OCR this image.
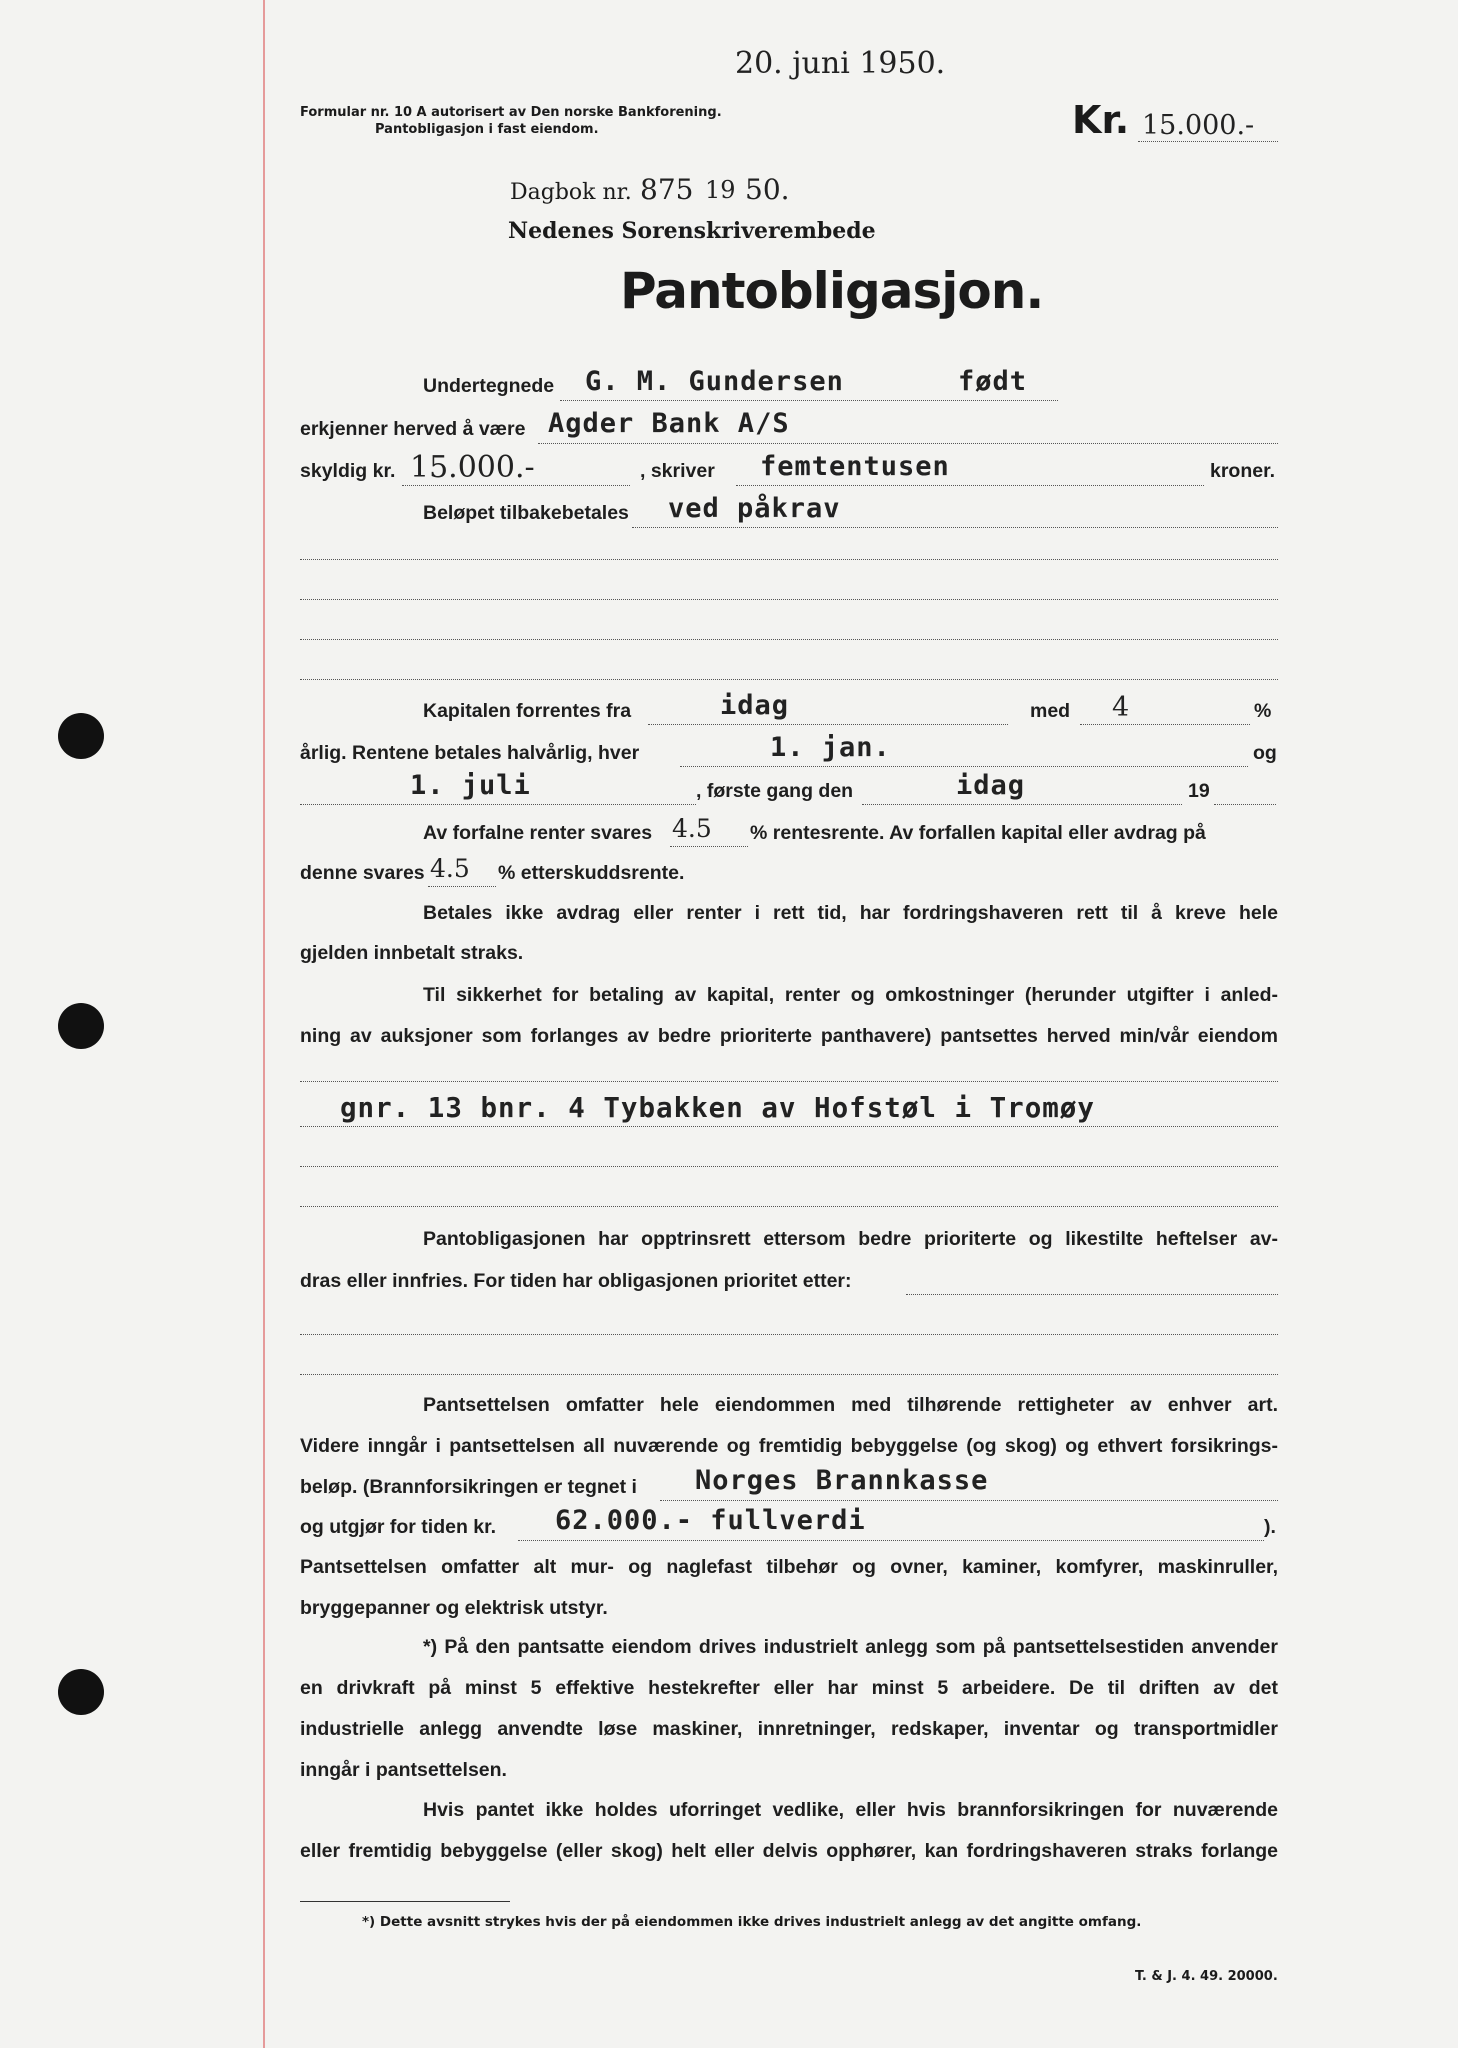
20. juni 1950.
Formular nr. 10 A autorisert av Den norske Bankforening.
Pantobligasjon i fast eiendom.	Kr. 15.000.-
Dagbok nr. 875 19 50.
Nedenes Sorenskriverembede
Pantobligasjon.
Undertegnede G. M. Gundersen	født
erkjenner herved å være Agder Bank A/S
skyldig kr. 15.000.-	, skriver femtentusen	kroner.
Beløpet tilbakebetales ved påkrav
Kapitalen forrentes fra	idag	med 4	%
årlig. Rentene betales halvårlig, hver	1. jan.	og
1. juli	, første gang den	idag	19
Av forfalne renter svares 4.5 % rentesrente. Av forfallen kapital eller avdrag på
denne svares 4.5 % etterskuddsrente.
Betales ikke avdrag eller renter i rett tid, har fordringshaveren rett til å kreve hele
gjelden innbetalt straks.
Til sikkerhet for betaling av kapital, renter og omkostninger (herunder utgifter i anled-
ning av auksjoner som forlanges av bedre prioriterte panthavere) pantsettes herved min/vår eiendom
gnr. 13 bnr. 4 Tybakken av Hofstøl i Tromøy
Pantobligasjonen har opptrinsrett ettersom bedre prioriterte og likestilte heftelser av-
dras eller innfries. For tiden har obligasjonen prioritet etter:
Pantsettelsen omfatter hele eiendommen med tilhørende rettigheter av enhver art.
Videre inngår i pantsettelsen all nuværende og fremtidig bebyggelse (og skog) og ethvert forsikrings-
beløp. (Brannforsikringen er tegnet i	Norges Brannkasse
og utgjør for tiden kr.	62.000.- fullverdi	).
Pantsettelsen omfatter alt mur- og naglefast tilbehør og ovner, kaminer, komfyrer, maskinruller,
bryggepanner og elektrisk utstyr.
*) På den pantsatte eiendom drives industrielt anlegg som på pantsettelsestiden anvender
en drivkraft på minst 5 effektive hestekrefter eller har minst 5 arbeidere. De til driften av det
industrielle anlegg anvendte løse maskiner, innretninger, redskaper, inventar og transportmidler
inngår i pantsettelsen.
Hvis pantet ikke holdes uforringet vedlike, eller hvis brannforsikringen for nuværende
eller fremtidig bebyggelse (eller skog) helt eller delvis opphører, kan fordringshaveren straks forlange
*) Dette avsnitt strykes hvis der på eiendommen ikke drives industrielt anlegg av det angitte omfang.
T. & J. 4. 49. 20000.
